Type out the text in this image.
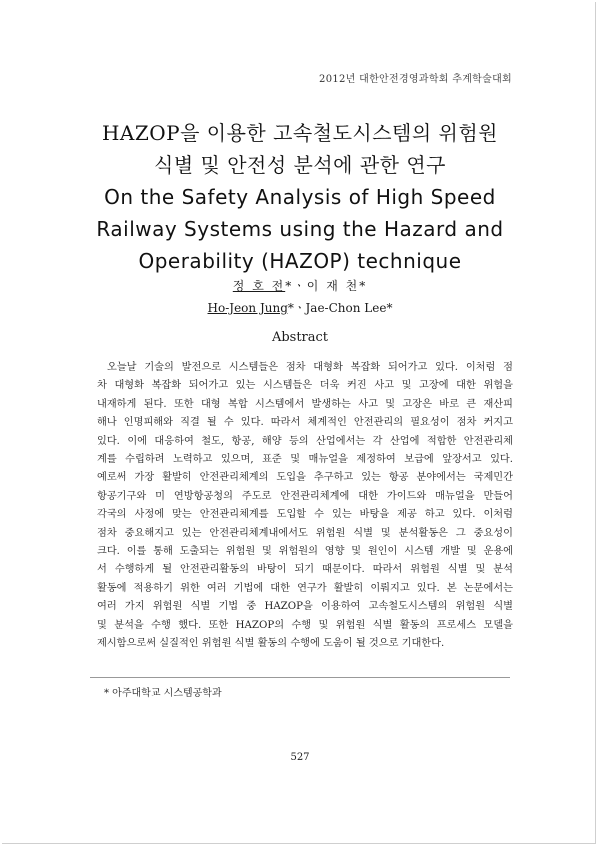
2012년 대한안전경영과학회 추계학술대회
HAZOP을 이용한 고속철도시스템의 위험원
식별 및 안전성 분석에 관한 연구
On the Safety Analysis of High Speed
Railway Systems using the Hazard and
Operability (HAZOP) technique
정 호 전*ㆍ이 재 천*
Ho-Jeon Jung*ㆍJae-Chon Lee*
Abstract
오늘날 기술의 발전으로 시스템들은 점차 대형화 복잡화 되어가고 있다. 이처럼 점
차 대형화 복잡화 되어가고 있는 시스템들은 더욱 커진 사고 및 고장에 대한 위험을
내재하게 된다. 또한 대형 복합 시스템에서 발생하는 사고 및 고장은 바로 큰 재산피
해나 인명피해와 직결 될 수 있다. 따라서 체계적인 안전관리의 필요성이 점차 커지고
있다. 이에 대응하여 철도, 항공, 해양 등의 산업에서는 각 산업에 적합한 안전관리체
계를 수립하려 노력하고 있으며, 표준 및 매뉴얼을 제정하여 보급에 앞장서고 있다.
예로써 가장 활발히 안전관리체계의 도입을 추구하고 있는 항공 분야에서는 국제민간
항공기구와 미 연방항공청의 주도로 안전관리체계에 대한 가이드와 매뉴얼을 만들어
각국의 사정에 맞는 안전관리체계를 도입할 수 있는 바탕을 제공 하고 있다. 이처럼
점차 중요해지고 있는 안전관리체계내에서도 위험원 식별 및 분석활동은 그 중요성이
크다. 이를 통해 도출되는 위험원 및 위험원의 영향 및 원인이 시스템 개발 및 운용에
서 수행하게 될 안전관리활동의 바탕이 되기 때문이다. 따라서 위험원 식별 및 분석
활동에 적용하기 위한 여러 기법에 대한 연구가 활발히 이뤄지고 있다. 본 논문에서는
여러 가지 위험원 식별 기법 중 HAZOP을 이용하여 고속철도시스템의 위험원 식별
및 분석을 수행 했다. 또한 HAZOP의 수행 및 위험원 식별 활동의 프로세스 모델을
제시함으로써 실질적인 위험원 식별 활동의 수행에 도움이 될 것으로 기대한다.
* 아주대학교 시스템공학과
527
